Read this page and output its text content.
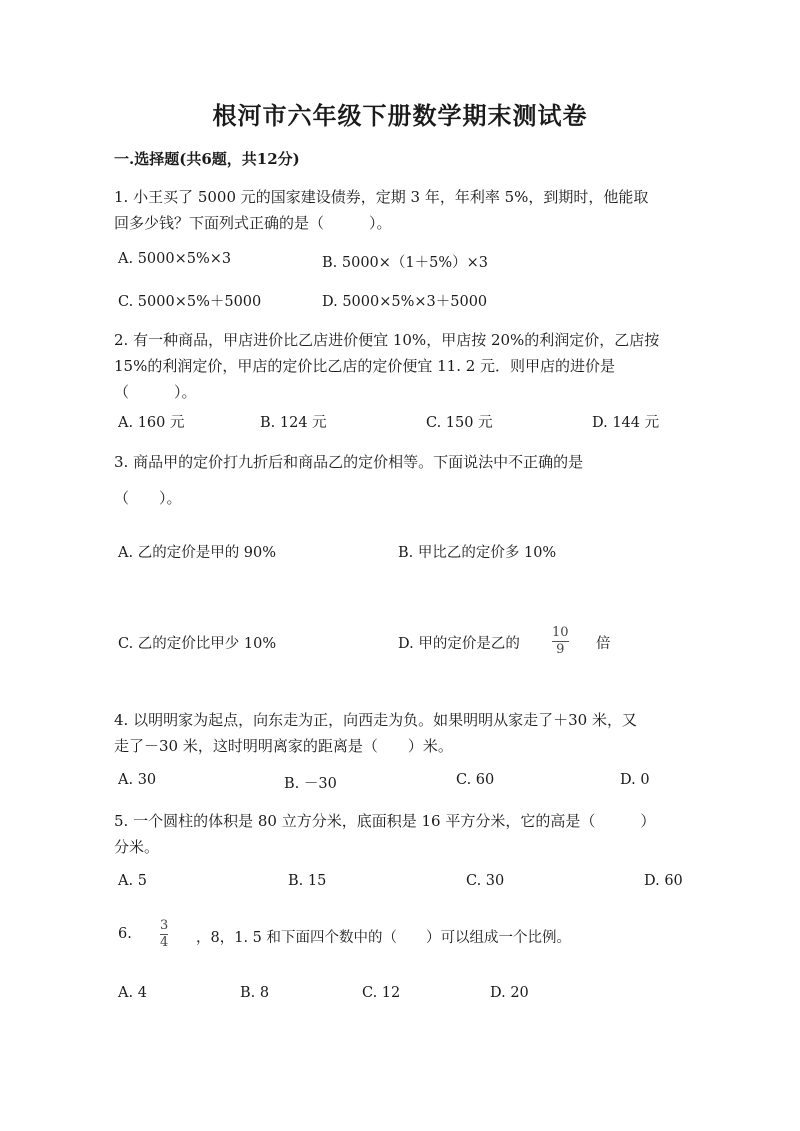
根河市六年级下册数学期末测试卷
一.选择题(共6题，共12分)
1. 小王买了 5000 元的国家建设债券，定期 3 年，年利率 5%，到期时，他能取
回多少钱？下面列式正确的是（　　　）。
A. 5000×5%×3	B. 5000×（1＋5%）×3
C. 5000×5%＋5000	D. 5000×5%×3＋5000
2. 有一种商品，甲店进价比乙店进价便宜 10%，甲店按 20%的利润定价，乙店按
15%的利润定价，甲店的定价比乙店的定价便宜 11. 2 元．则甲店的进价是
（　　　）。
A. 160 元	B. 124 元	C. 150 元	D. 144 元
3. 商品甲的定价打九折后和商品乙的定价相等。下面说法中不正确的是
（　　）。
A. 乙的定价是甲的 90%	B. 甲比乙的定价多 10%
C. 乙的定价比甲少 10%	D. 甲的定价是乙的
10
9 倍
4. 以明明家为起点，向东走为正，向西走为负。如果明明从家走了＋30 米，又
走了－30 米，这时明明离家的距离是（　　）米。
A. 30	B. －30	C. 60	D. 0
5. 一个圆柱的体积是 80 立方分米，底面积是 16 平方分米，它的高是（　　　）
分米。
A. 5	B. 15	C. 30	D. 60
6.
3
4 ，8，1. 5 和下面四个数中的（　　）可以组成一个比例。
A. 4	B. 8	C. 12	D. 20
